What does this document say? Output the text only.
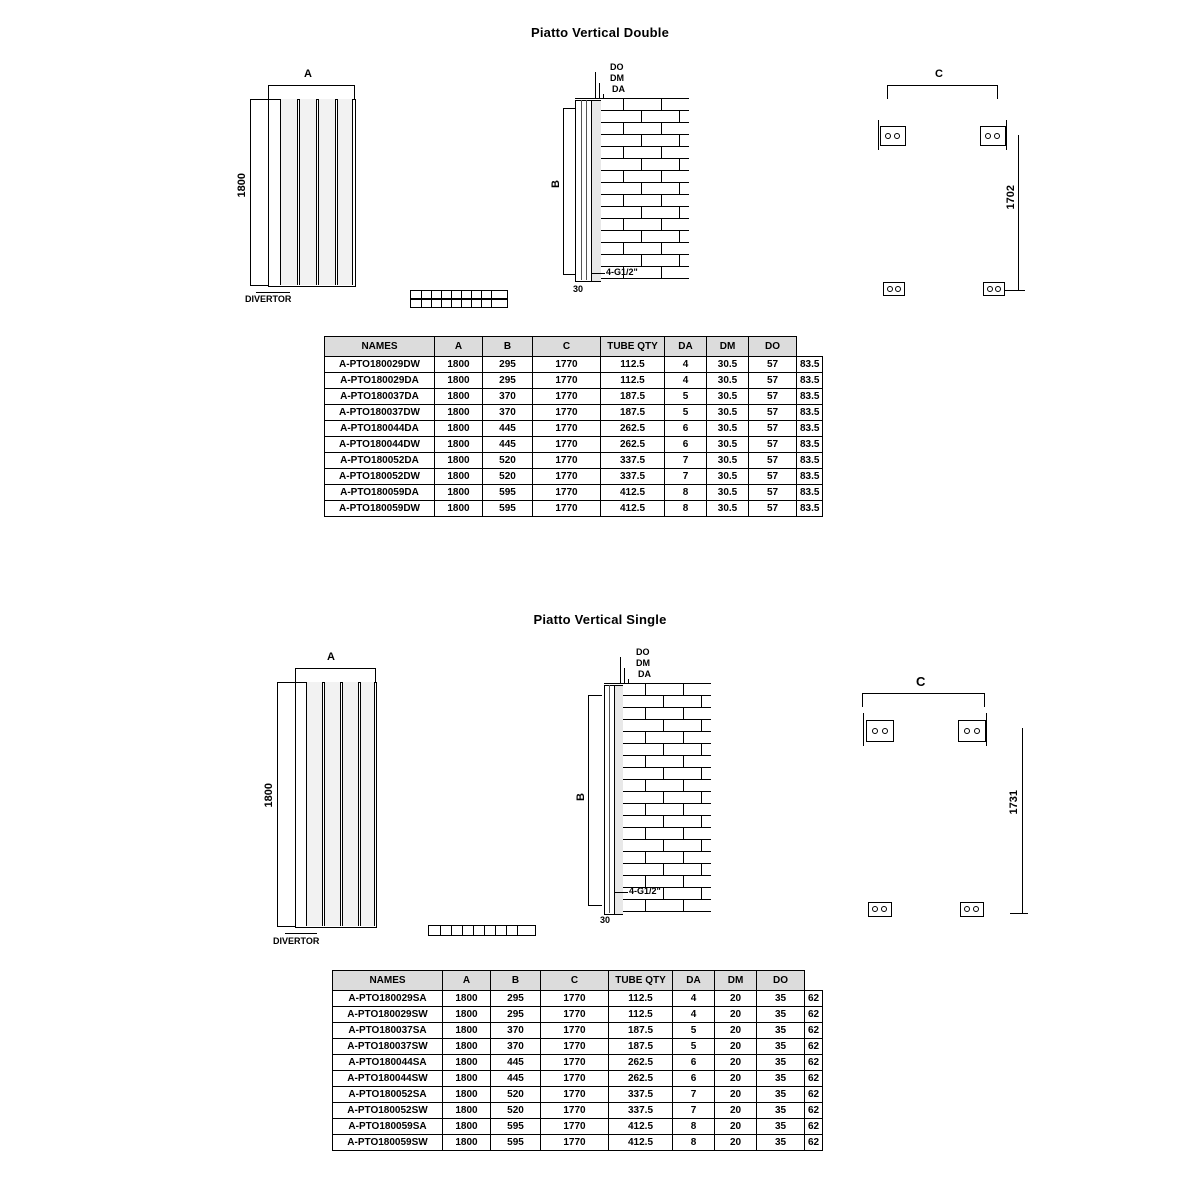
Piatto Vertical Double
A
1800
DIVERTOR
DO
DM
DA
B
4-G1/2"
30
C
1702
NAMES	A	B	C	TUBE QTY	DA	DM	DO	
A-PTO180029DW	1800	295	1770	112.5	4	30.5	57	83.5
A-PTO180029DA	1800	295	1770	112.5	4	30.5	57	83.5
A-PTO180037DA	1800	370	1770	187.5	5	30.5	57	83.5
A-PTO180037DW	1800	370	1770	187.5	5	30.5	57	83.5
A-PTO180044DA	1800	445	1770	262.5	6	30.5	57	83.5
A-PTO180044DW	1800	445	1770	262.5	6	30.5	57	83.5
A-PTO180052DA	1800	520	1770	337.5	7	30.5	57	83.5
A-PTO180052DW	1800	520	1770	337.5	7	30.5	57	83.5
A-PTO180059DA	1800	595	1770	412.5	8	30.5	57	83.5
A-PTO180059DW	1800	595	1770	412.5	8	30.5	57	83.5
Piatto Vertical Single
A
1800
DIVERTOR
DO
DM
DA
B
4-G1/2"
30
C
1731
NAMES	A	B	C	TUBE QTY	DA	DM	DO	
A-PTO180029SA	1800	295	1770	112.5	4	20	35	62
A-PTO180029SW	1800	295	1770	112.5	4	20	35	62
A-PTO180037SA	1800	370	1770	187.5	5	20	35	62
A-PTO180037SW	1800	370	1770	187.5	5	20	35	62
A-PTO180044SA	1800	445	1770	262.5	6	20	35	62
A-PTO180044SW	1800	445	1770	262.5	6	20	35	62
A-PTO180052SA	1800	520	1770	337.5	7	20	35	62
A-PTO180052SW	1800	520	1770	337.5	7	20	35	62
A-PTO180059SA	1800	595	1770	412.5	8	20	35	62
A-PTO180059SW	1800	595	1770	412.5	8	20	35	62
